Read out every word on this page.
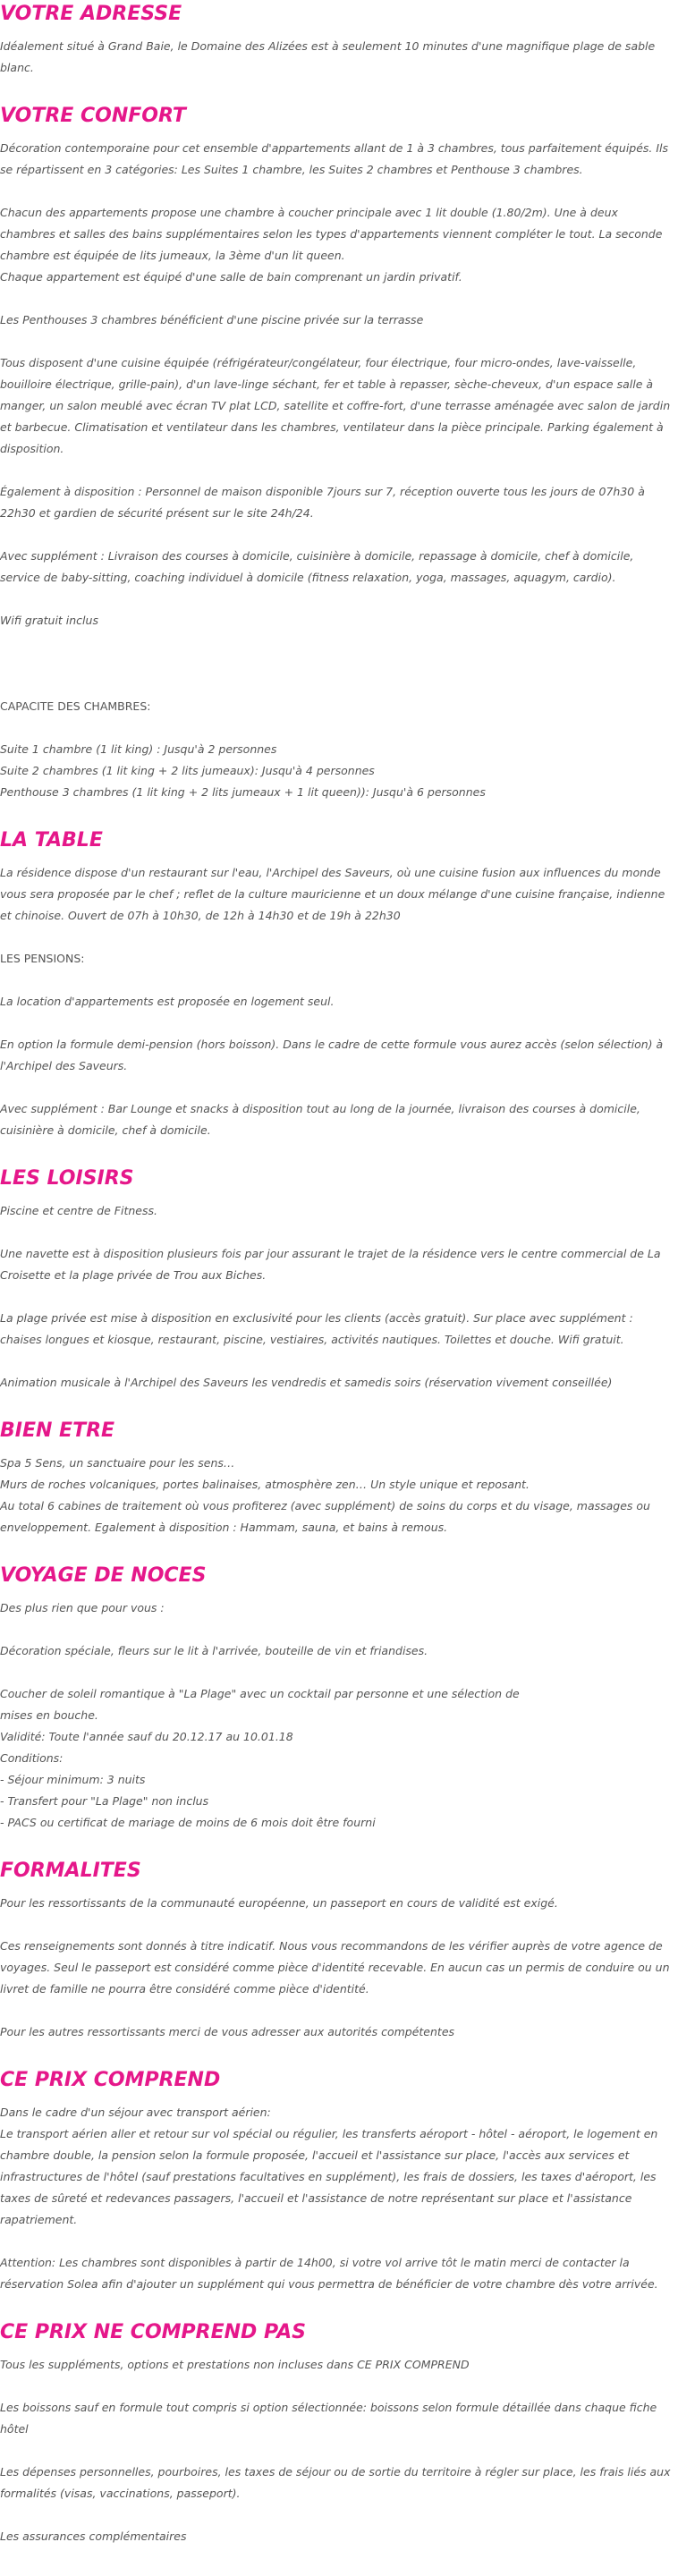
VOTRE ADRESSE

Idéalement situé à Grand Baie, le Domaine des Alizées est à seulement 10 minutes d'une magnifique plage de sable blanc.

VOTRE CONFORT

Décoration contemporaine pour cet ensemble d'appartements allant de 1 à 3 chambres, tous parfaitement équipés. Ils se répartissent en 3 catégories: Les Suites 1 chambre, les Suites 2 chambres et Penthouse 3 chambres.

Chacun des appartements propose une chambre à coucher principale avec 1 lit double (1.80/2m). Une à deux chambres et salles des bains supplémentaires selon les types d'appartements viennent compléter le tout. La seconde chambre est équipée de lits jumeaux, la 3ème d'un lit queen.
Chaque appartement est équipé d'une salle de bain comprenant un jardin privatif.

Les Penthouses 3 chambres bénéficient d'une piscine privée sur la terrasse

Tous disposent d'une cuisine équipée (réfrigérateur/congélateur, four électrique, four micro-ondes, lave-vaisselle, bouilloire électrique, grille-pain), d'un lave-linge séchant, fer et table à repasser, sèche-cheveux, d'un espace salle à manger, un salon meublé avec écran TV plat LCD, satellite et coffre-fort, d'une terrasse aménagée avec salon de jardin et barbecue. Climatisation et ventilateur dans les chambres, ventilateur dans la pièce principale. Parking également à disposition.

Également à disposition : Personnel de maison disponible 7jours sur 7, réception ouverte tous les jours de 07h30 à 22h30 et gardien de sécurité présent sur le site 24h/24.

Avec supplément : Livraison des courses à domicile, cuisinière à domicile, repassage à domicile, chef à domicile, service de baby-sitting, coaching individuel à domicile (fitness relaxation, yoga, massages, aquagym, cardio).

Wifi gratuit inclus

CAPACITE DES CHAMBRES:

Suite 1 chambre (1 lit king) : Jusqu'à 2 personnes
Suite 2 chambres (1 lit king + 2 lits jumeaux): Jusqu'à 4 personnes
Penthouse 3 chambres (1 lit king + 2 lits jumeaux + 1 lit queen)): Jusqu'à 6 personnes

LA TABLE

La résidence dispose d'un restaurant sur l'eau, l'Archipel des Saveurs, où une cuisine fusion aux influences du monde vous sera proposée par le chef ; reflet de la culture mauricienne et un doux mélange d'une cuisine française, indienne et chinoise. Ouvert de 07h à 10h30, de 12h à 14h30 et de 19h à 22h30

LES PENSIONS:

La location d'appartements est proposée en logement seul.

En option la formule demi-pension (hors boisson). Dans le cadre de cette formule vous aurez accès (selon sélection) à l'Archipel des Saveurs.

Avec supplément : Bar Lounge et snacks à disposition tout au long de la journée, livraison des courses à domicile, cuisinière à domicile, chef à domicile.

LES LOISIRS

Piscine et centre de Fitness.

Une navette est à disposition plusieurs fois par jour assurant le trajet de la résidence vers le centre commercial de La Croisette et la plage privée de Trou aux Biches.

La plage privée est mise à disposition en exclusivité pour les clients (accès gratuit). Sur place avec supplément : chaises longues et kiosque, restaurant, piscine, vestiaires, activités nautiques. Toilettes et douche. Wifi gratuit.

Animation musicale à l'Archipel des Saveurs les vendredis et samedis soirs (réservation vivement conseillée)

BIEN ETRE

Spa 5 Sens, un sanctuaire pour les sens…
Murs de roches volcaniques, portes balinaises, atmosphère zen… Un style unique et reposant.
Au total 6 cabines de traitement où vous profiterez (avec supplément) de soins du corps et du visage, massages ou enveloppement. Egalement à disposition : Hammam, sauna, et bains à remous.

VOYAGE DE NOCES

Des plus rien que pour vous :

Décoration spéciale, fleurs sur le lit à l'arrivée, bouteille de vin et friandises.

Coucher de soleil romantique à "La Plage" avec un cocktail par personne et une sélection de
mises en bouche.
Validité: Toute l'année sauf du 20.12.17 au 10.01.18
Conditions:
- Séjour minimum: 3 nuits
- Transfert pour "La Plage" non inclus
- PACS ou certificat de mariage de moins de 6 mois doit être fourni

FORMALITES

Pour les ressortissants de la communauté européenne, un passeport en cours de validité est exigé.

Ces renseignements sont donnés à titre indicatif. Nous vous recommandons de les vérifier auprès de votre agence de voyages. Seul le passeport est considéré comme pièce d'identité recevable. En aucun cas un permis de conduire ou un livret de famille ne pourra être considéré comme pièce d'identité.

Pour les autres ressortissants merci de vous adresser aux autorités compétentes

CE PRIX COMPREND

Dans le cadre d'un séjour avec transport aérien:
Le transport aérien aller et retour sur vol spécial ou régulier, les transferts aéroport - hôtel - aéroport, le logement en chambre double, la pension selon la formule proposée, l'accueil et l'assistance sur place, l'accès aux services et infrastructures de l'hôtel (sauf prestations facultatives en supplément), les frais de dossiers, les taxes d'aéroport, les taxes de sûreté et redevances passagers, l'accueil et l'assistance de notre représentant sur place et l'assistance rapatriement.

Attention: Les chambres sont disponibles à partir de 14h00, si votre vol arrive tôt le matin merci de contacter la réservation Solea afin d'ajouter un supplément qui vous permettra de bénéficier de votre chambre dès votre arrivée.

CE PRIX NE COMPREND PAS

Tous les suppléments, options et prestations non incluses dans CE PRIX COMPREND

Les boissons sauf en formule tout compris si option sélectionnée: boissons selon formule détaillée dans chaque fiche hôtel

Les dépenses personnelles, pourboires, les taxes de séjour ou de sortie du territoire à régler sur place, les frais liés aux formalités (visas, vaccinations, passeport).

Les assurances complémentaires
